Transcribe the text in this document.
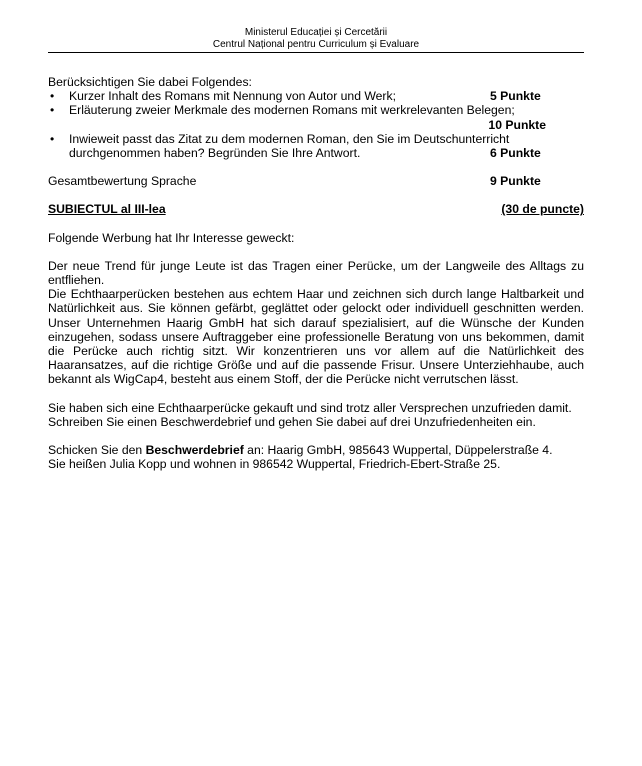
Ministerul Educației și Cercetării
Centrul Național pentru Curriculum și Evaluare

Berücksichtigen Sie dabei Folgendes:

• Kurzer Inhalt des Romans mit Nennung von Autor und Werk;	5 Punkte
• Erläuterung zweier Merkmale des modernen Romans mit werkrelevanten Belegen;
10 Punkte
• Inwieweit passt das Zitat zu dem modernen Roman, den Sie im Deutschunterricht
durchgenommen haben? Begründen Sie Ihre Antwort.	6 Punkte
Gesamtbewertung Sprache	9 Punkte
SUBIECTUL al III-lea	(30 de puncte)

Folgende Werbung hat Ihr Interesse geweckt:

Der neue Trend für junge Leute ist das Tragen einer Perücke, um der Langweile des Alltags zu entfliehen.

Die Echthaarperücken bestehen aus echtem Haar und zeichnen sich durch lange Haltbarkeit und Natürlichkeit aus. Sie können gefärbt, geglättet oder gelockt oder individuell geschnitten werden. Unser Unternehmen Haarig GmbH hat sich darauf spezialisiert, auf die Wünsche der Kunden einzugehen, sodass unsere Auftraggeber eine professionelle Beratung von uns bekommen, damit die Perücke auch richtig sitzt. Wir konzentrieren uns vor allem auf die Natürlichkeit des Haaransatzes, auf die richtige Größe und auf die passende Frisur. Unsere Unterziehhaube, auch bekannt als WigCap4, besteht aus einem Stoff, der die Perücke nicht verrutschen lässt.

Sie haben sich eine Echthaarperücke gekauft und sind trotz aller Versprechen unzufrieden damit.

Schreiben Sie einen Beschwerdebrief und gehen Sie dabei auf drei Unzufriedenheiten ein.

Schicken Sie den Beschwerdebrief an: Haarig GmbH, 985643 Wuppertal, Düppelerstraße 4.

Sie heißen Julia Kopp und wohnen in 986542 Wuppertal, Friedrich-Ebert-Straße 25.
